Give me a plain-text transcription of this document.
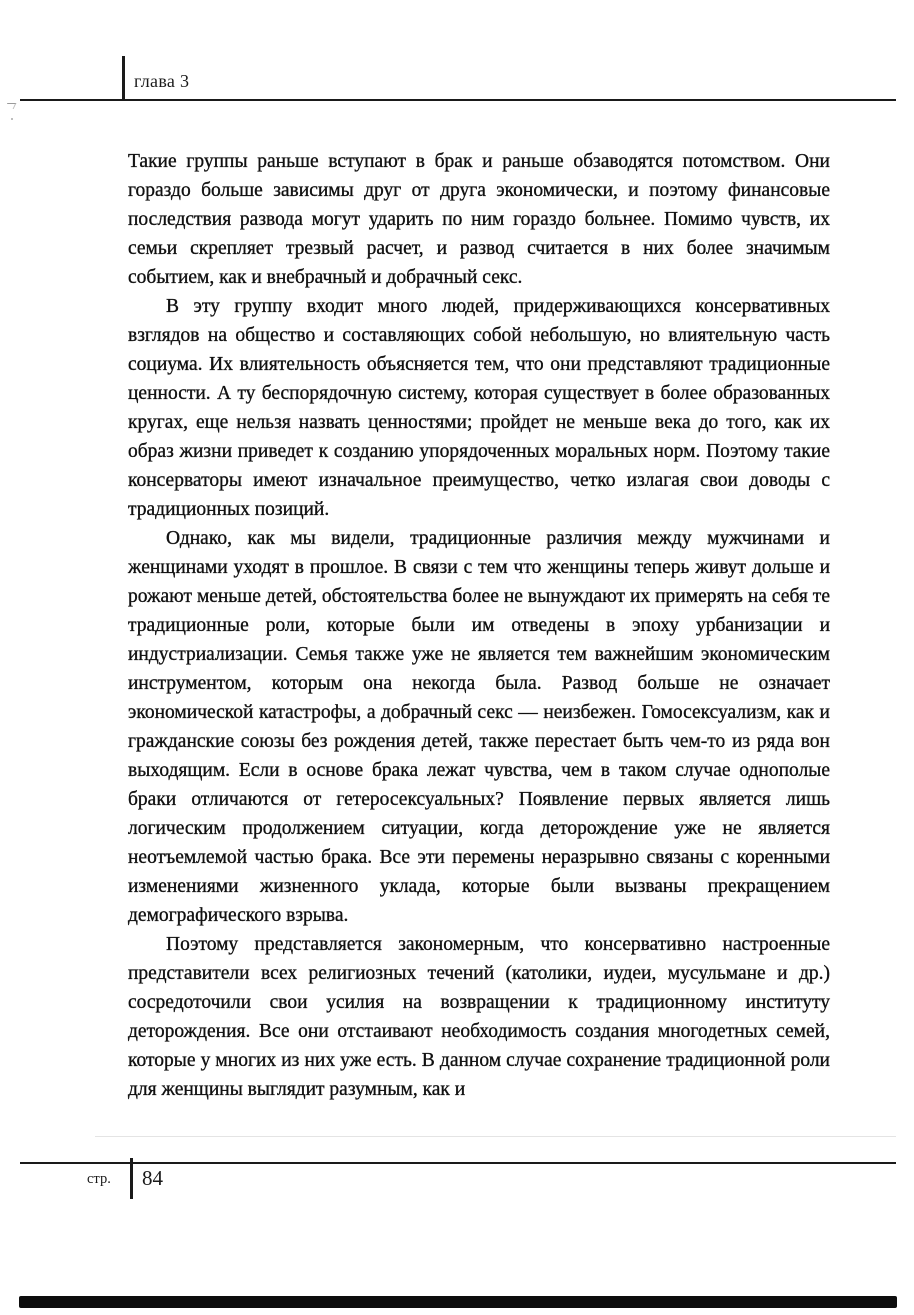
глава 3

Такие группы раньше вступают в брак и раньше обзаводятся потомством. Они гораздо больше зависимы друг от друга экономически, и поэтому финансовые последствия развода могут ударить по ним гораздо больнее. Помимо чувств, их семьи скрепляет трезвый расчет, и развод считается в них более значимым событием, как и внебрачный и добрачный секс.

В эту группу входит много людей, придерживающихся консервативных взглядов на общество и составляющих собой небольшую, но влиятельную часть социума. Их влиятельность объясняется тем, что они представляют традиционные ценности. А ту беспорядочную систему, которая существует в более образованных кругах, еще нельзя назвать ценностями; пройдет не меньше века до того, как их образ жизни приведет к созданию упорядоченных моральных норм. Поэтому такие консерваторы имеют изначальное преимущество, четко излагая свои доводы с традиционных позиций.

Однако, как мы видели, традиционные различия между мужчинами и женщинами уходят в прошлое. В связи с тем что женщины теперь живут дольше и рожают меньше детей, обстоятельства более не вынуждают их примерять на себя те традиционные роли, которые были им отведены в эпоху урбанизации и индустриализации. Семья также уже не является тем важнейшим экономическим инструментом, которым она некогда была. Развод больше не означает экономической катастрофы, а добрачный секс — неизбежен. Гомосексуализм, как и гражданские союзы без рождения детей, также перестает быть чем-то из ряда вон выходящим. Если в основе брака лежат чувства, чем в таком случае однополые браки отличаются от гетеросексуальных? Появление первых является лишь логическим продолжением ситуации, когда деторождение уже не является неотъемлемой частью брака. Все эти перемены неразрывно связаны с коренными изменениями жизненного уклада, которые были вызваны прекращением демографического взрыва.

Поэтому представляется закономерным, что консервативно настроенные представители всех религиозных течений (католики, иудеи, мусульмане и др.) сосредоточили свои усилия на возвращении к традиционному институту деторождения. Все они отстаивают необходимость создания многодетных семей, которые у многих из них уже есть. В данном случае сохранение традиционной роли для женщины выглядит разумным, как и

стр. 84
